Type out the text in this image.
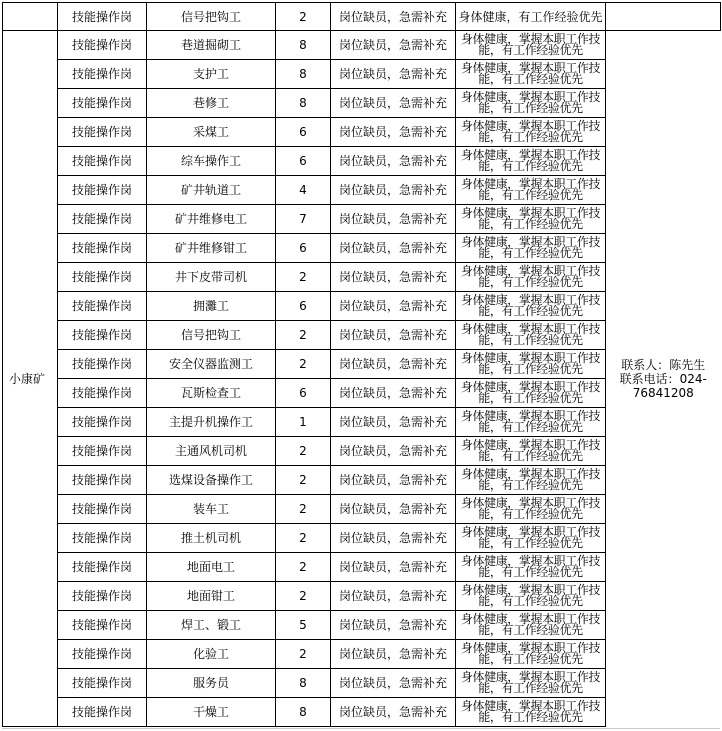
	技能操作岗	信号把钩工	2	岗位缺员，急需补充	身体健康，有工作经验优先	
小康矿	技能操作岗	巷道掘砌工	8	岗位缺员，急需补充	身体健康，掌握本职工作技能，有工作经验优先	联系人：陈先生
联系电话：024-76841208

	技能操作岗	支护工	8	岗位缺员，急需补充	身体健康，掌握本职工作技能，有工作经验优先	
	技能操作岗	巷修工	8	岗位缺员，急需补充	身体健康，掌握本职工作技能，有工作经验优先	
	技能操作岗	采煤工	6	岗位缺员，急需补充	身体健康，掌握本职工作技能，有工作经验优先	
	技能操作岗	综车操作工	6	岗位缺员，急需补充	身体健康，掌握本职工作技能，有工作经验优先	
	技能操作岗	矿井轨道工	4	岗位缺员，急需补充	身体健康，掌握本职工作技能，有工作经验优先	
	技能操作岗	矿井维修电工	7	岗位缺员，急需补充	身体健康，掌握本职工作技能，有工作经验优先	
	技能操作岗	矿井维修钳工	6	岗位缺员，急需补充	身体健康，掌握本职工作技能，有工作经验优先	
	技能操作岗	井下皮带司机	2	岗位缺员，急需补充	身体健康，掌握本职工作技能，有工作经验优先	
	技能操作岗	拥灘工	6	岗位缺员，急需补充	身体健康，掌握本职工作技能，有工作经验优先	
	技能操作岗	信号把钩工	2	岗位缺员，急需补充	身体健康，掌握本职工作技能，有工作经验优先	
	技能操作岗	安全仪器监测工	2	岗位缺员，急需补充	身体健康，掌握本职工作技能，有工作经验优先	
	技能操作岗	瓦斯检查工	6	岗位缺员，急需补充	身体健康，掌握本职工作技能，有工作经验优先	
	技能操作岗	主提升机操作工	1	岗位缺员，急需补充	身体健康，掌握本职工作技能，有工作经验优先	
	技能操作岗	主通风机司机	2	岗位缺员，急需补充	身体健康，掌握本职工作技能，有工作经验优先	
	技能操作岗	选煤设备操作工	2	岗位缺员，急需补充	身体健康，掌握本职工作技能，有工作经验优先	
	技能操作岗	装车工	2	岗位缺员，急需补充	身体健康，掌握本职工作技能，有工作经验优先	
	技能操作岗	推土机司机	2	岗位缺员，急需补充	身体健康，掌握本职工作技能，有工作经验优先	
	技能操作岗	地面电工	2	岗位缺员，急需补充	身体健康，掌握本职工作技能，有工作经验优先	
	技能操作岗	地面钳工	2	岗位缺员，急需补充	身体健康，掌握本职工作技能，有工作经验优先	
	技能操作岗	焊工、锻工	5	岗位缺员，急需补充	身体健康，掌握本职工作技能，有工作经验优先	
	技能操作岗	化验工	2	岗位缺员，急需补充	身体健康，掌握本职工作技能，有工作经验优先	
	技能操作岗	服务员	8	岗位缺员，急需补充	身体健康，掌握本职工作技能，有工作经验优先	
	技能操作岗	干燥工	8	岗位缺员，急需补充	身体健康，掌握本职工作技能，有工作经验优先	
